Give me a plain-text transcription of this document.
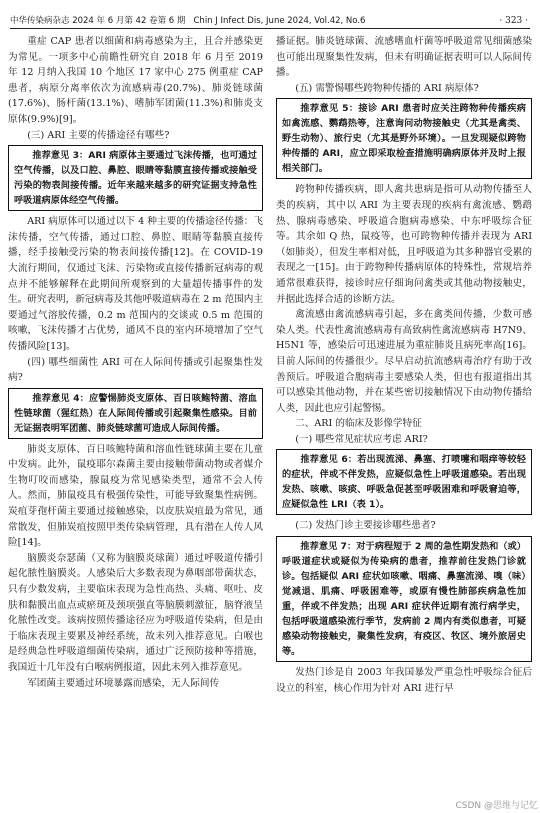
中华传染病杂志 2024 年 6 月第 42 卷第 6 期 Chin J Infect Dis, June 2024, Vol.42, No.6	· 323 ·

重症 CAP 患者以细菌和病毒感染为主，且合并感染更为常见。一项多中心前瞻性研究自 2018 年 6 月至 2019 年 12 月纳入我国 10 个地区 17 家中心 275 例重症 CAP 患者，病原分离率依次为流感病毒(20.7%)、肺炎链球菌(17.6%)、肠杆菌(13.1%)、嗜肺军团菌(11.3%)和肺炎支原体(9.9%)[9]。

(三) ARI 主要的传播途径有哪些?

推荐意见 3：ARI 病原体主要通过飞沫传播，也可通过空气传播，以及口腔、鼻腔、眼睛等黏膜直接传播或接触受污染的物表间接传播。近年来越来越多的研究证据支持急性呼吸道病原体经空气传播。

ARI 病原体可以通过以下 4 种主要的传播途径传播：飞沫传播，空气传播，通过口腔、鼻腔、眼睛等黏膜直接传播，经手接触受污染的物表间接传播[12]。在 COVID-19 大流行期间，仅通过飞沫、污染物或直接传播新冠病毒的观点并不能够解释在此期间所观察到的大量超传播事件的发生。研究表明，新冠病毒及其他呼吸道病毒在 2 m 范围内主要通过气溶胶传播，0.2 m 范围内的交谈或 0.5 m 范围的咳嗽，飞沫传播才占优势，通风不良的室内环境增加了空气传播风险[13]。

(四) 哪些细菌性 ARI 可在人际间传播或引起聚集性发病?

推荐意见 4：应警惕肺炎支原体、百日咳鲍特菌、溶血性链球菌（猩红热）在人际间传播或引起聚集性感染。目前无证据表明军团菌、肺炎链球菌可造成人际间传播。

肺炎支原体、百日咳鲍特菌和溶血性链球菌主要在儿童中发病。此外，鼠疫耶尔森菌主要由接触带菌动物或者媒介生物叮咬而感染，腺鼠疫为常见感染类型，通常不会人传人。然而，肺鼠疫具有极强传染性，可能导致聚集性病例。炭疽芽孢杆菌主要通过接触感染，以皮肤炭疽最为常见，通常散发，但肺炭疽按照甲类传染病管理，具有潜在人传人风险[14]。

脑膜炎奈瑟菌（又称为脑膜炎球菌）通过呼吸道传播引起化脓性脑膜炎。人感染后大多数表现为鼻咽部带菌状态，只有少数发病，主要临床表现为急性高热、头痛、呕吐、皮肤和黏膜出血点或瘀斑及颈项强直等脑膜刺激征，脑脊液呈化脓性改变。该病按照传播途径应为呼吸道传染病，但是由于临床表现主要累及神经系统，故未列入推荐意见。白喉也是经典急性呼吸道细菌传染病，通过广泛预防接种等措施，我国近十几年没有白喉病例报道，因此未列入推荐意见。

军团菌主要通过环境暴露而感染，无人际间传

播证据。肺炎链球菌、流感嗜血杆菌等呼吸道常见细菌感染也可能出现聚集性发病，但未有明确证据表明可以人际间传播。

(五) 需警惕哪些跨物种传播的 ARI 病原体?

推荐意见 5：接诊 ARI 患者时应关注跨物种传播疾病如禽流感、鹦鹉热等，注意询问动物接触史（尤其是禽类、野生动物）、旅行史（尤其是野外环境）。一旦发现疑似跨物种传播的 ARI，应立即采取检查措施明确病原体并及时上报相关部门。

跨物种传播疾病，即人禽共患病是指可从动物传播至人类的疾病，其中以 ARI 为主要表现的疾病有禽流感、鹦鹉热、腺病毒感染、呼吸道合胞病毒感染、中东呼吸综合征等。其余如 Q 热，鼠疫等，也可跨物种传播并表现为 ARI（如肺炎），但发生率相对低，且呼吸道为其多种器官受累的表现之一[15]。由于跨物种传播病原体的特殊性，常规培养通常很难获得，接诊时应仔细询问禽类或其他动物接触史，并据此选择合适的诊断方法。

禽流感由禽流感病毒引起，多在禽类间传播，少数可感染人类。代表性禽流感病毒有高致病性禽流感病毒 H7N9、H5N1 等，感染后可迅速进展为重症肺炎且病死率高[16]。目前人际间的传播很少。尽早启动抗流感病毒治疗有助于改善预后。呼吸道合胞病毒主要感染人类，但也有报道指出其可以感染其他动物，并在某些密切接触情况下由动物传播给人类，因此也应引起警惕。

二、ARI 的临床及影像学特征

(一) 哪些常见症状应考虑 ARI?

推荐意见 6：若出现流涕、鼻塞、打喷嚏和咽痒等较轻的症状，伴或不伴发热，应疑似急性上呼吸道感染。若出现发热、咳嗽、咳痰、呼吸急促甚至呼吸困难和呼吸窘迫等，应疑似急性 LRI（表 1）。

(二) 发热门诊主要接诊哪些患者?

推荐意见 7：对于病程短于 2 周的急性期发热和（或）呼吸道症状或疑似为传染病的患者，推荐前往发热门诊就诊。包括疑似 ARI 症状如咳嗽、咽痛、鼻塞流涕、嗅（味）觉减退、肌痛、呼吸困难等，或原有慢性肺部疾病急性加重，伴或不伴发热；出现 ARI 症状伴近期有流行病学史，包括呼吸道感染流行季节，发病前 2 周内有类似患者，可疑感染动物接触史，聚集性发病，有疫区、牧区、境外旅居史等。

发热门诊是自 2003 年我国暴发严重急性呼吸综合征后设立的科室，核心作用为针对 ARI 进行早

CSDN @思维与记忆
